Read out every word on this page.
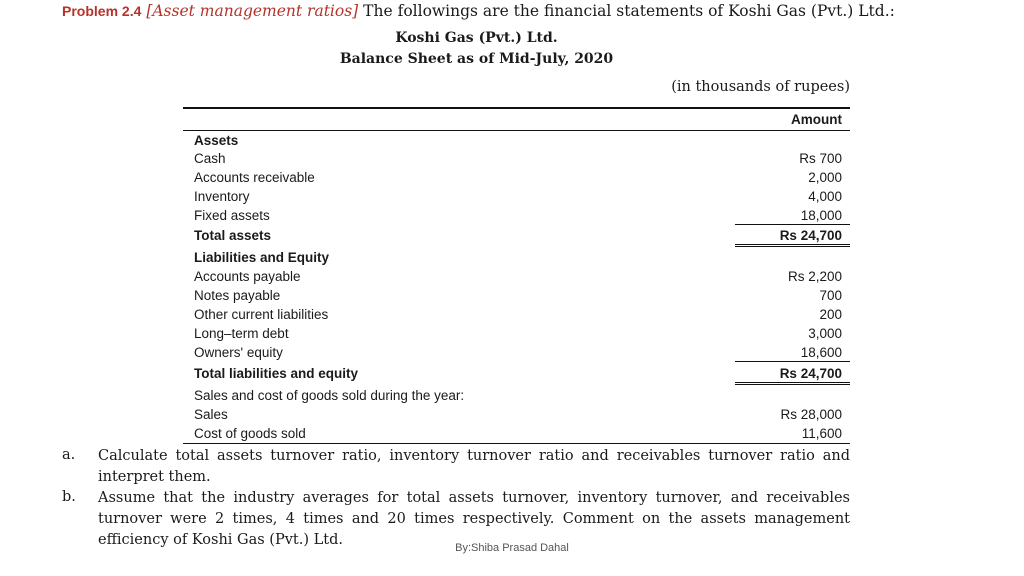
Problem 2.4 [Asset management ratios] The followings are the financial statements of Koshi Gas (Pvt.) Ltd.:
Koshi Gas (Pvt.) Ltd.
Balance Sheet as of Mid-July, 2020
(in thousands of rupees)
Amount
Assets
Cash	Rs 700
Accounts receivable	2,000
Inventory	4,000
Fixed assets	18,000
Total assets	Rs 24,700
Liabilities and Equity
Accounts payable	Rs 2,200
Notes payable	700
Other current liabilities	200
Long–term debt	3,000
Owners' equity	18,600
Total liabilities and equity	Rs 24,700
Sales and cost of goods sold during the year:
Sales	Rs 28,000
Cost of goods sold	11,600
a. Calculate total assets turnover ratio, inventory turnover ratio and receivables turnover ratio and interpret them.
b. Assume that the industry averages for total assets turnover, inventory turnover, and receivables turnover were 2 times, 4 times and 20 times respectively. Comment on the assets management efficiency of Koshi Gas (Pvt.) Ltd.	By:Shiba Prasad Dahal
